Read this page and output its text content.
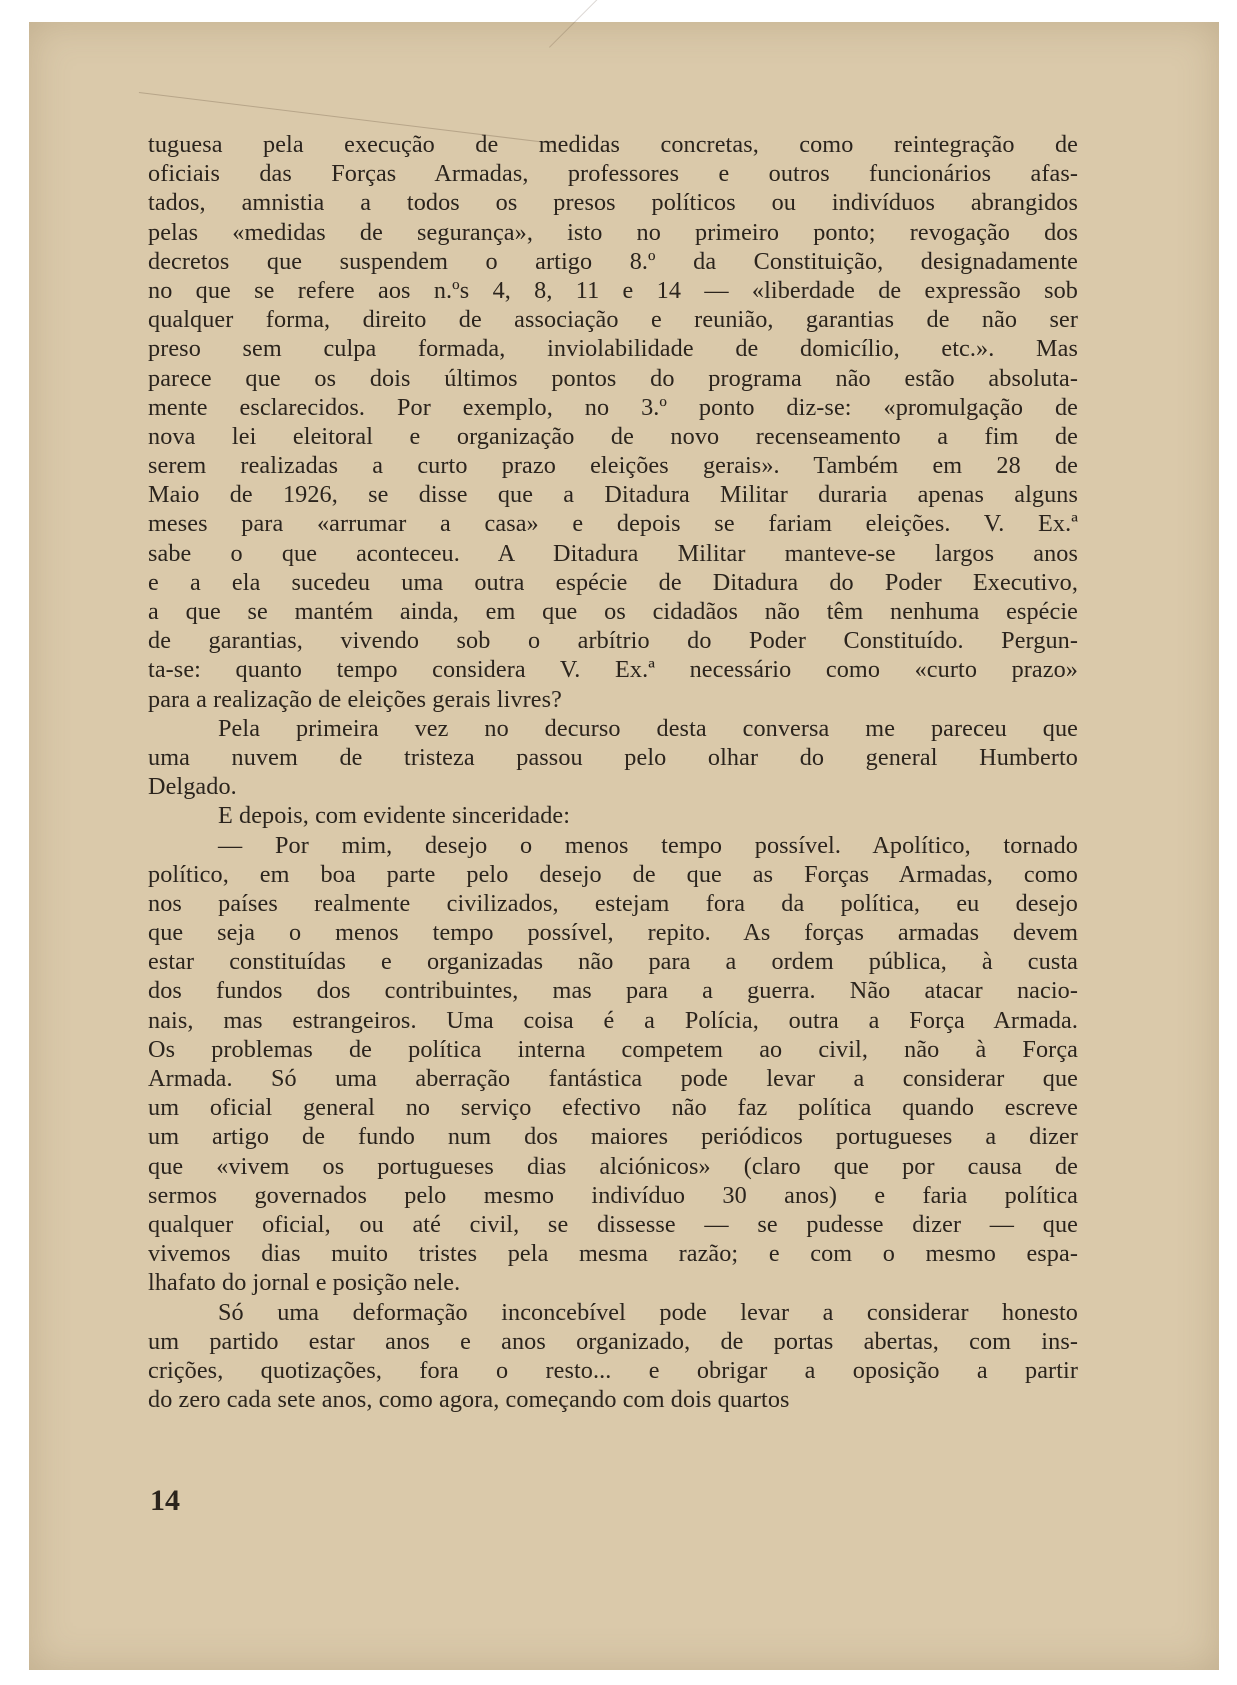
tuguesa pela execução de medidas concretas, como reintegração de
oficiais das Forças Armadas, professores e outros funcionários afas-
tados, amnistia a todos os presos políticos ou indivíduos abrangidos
pelas «medidas de segurança», isto no primeiro ponto; revogação dos
decretos que suspendem o artigo 8.º da Constituição, designadamente
no que se refere aos n.ºs 4, 8, 11 e 14 — «liberdade de expressão sob
qualquer forma, direito de associação e reunião, garantias de não ser
preso sem culpa formada, inviolabilidade de domicílio, etc.». Mas
parece que os dois últimos pontos do programa não estão absoluta-
mente esclarecidos. Por exemplo, no 3.º ponto diz-se: «promulgação de
nova lei eleitoral e organização de novo recenseamento a fim de
serem realizadas a curto prazo eleições gerais». Também em 28 de
Maio de 1926, se disse que a Ditadura Militar duraria apenas alguns
meses para «arrumar a casa» e depois se fariam eleições. V. Ex.ª
sabe o que aconteceu. A Ditadura Militar manteve-se largos anos
e a ela sucedeu uma outra espécie de Ditadura do Poder Executivo,
a que se mantém ainda, em que os cidadãos não têm nenhuma espécie
de garantias, vivendo sob o arbítrio do Poder Constituído. Pergun-
ta-se: quanto tempo considera V. Ex.ª necessário como «curto prazo»
para a realização de eleições gerais livres?
Pela primeira vez no decurso desta conversa me pareceu que
uma nuvem de tristeza passou pelo olhar do general Humberto
Delgado.
E depois, com evidente sinceridade:
— Por mim, desejo o menos tempo possível. Apolítico, tornado
político, em boa parte pelo desejo de que as Forças Armadas, como
nos países realmente civilizados, estejam fora da política, eu desejo
que seja o menos tempo possível, repito. As forças armadas devem
estar constituídas e organizadas não para a ordem pública, à custa
dos fundos dos contribuintes, mas para a guerra. Não atacar nacio-
nais, mas estrangeiros. Uma coisa é a Polícia, outra a Força Armada.
Os problemas de política interna competem ao civil, não à Força
Armada. Só uma aberração fantástica pode levar a considerar que
um oficial general no serviço efectivo não faz política quando escreve
um artigo de fundo num dos maiores periódicos portugueses a dizer
que «vivem os portugueses dias alciónicos» (claro que por causa de
sermos governados pelo mesmo indivíduo 30 anos) e faria política
qualquer oficial, ou até civil, se dissesse — se pudesse dizer — que
vivemos dias muito tristes pela mesma razão; e com o mesmo espa-
lhafato do jornal e posição nele.
Só uma deformação inconcebível pode levar a considerar honesto
um partido estar anos e anos organizado, de portas abertas, com ins-
crições, quotizações, fora o resto... e obrigar a oposição a partir
do zero cada sete anos, como agora, começando com dois quartos
14
